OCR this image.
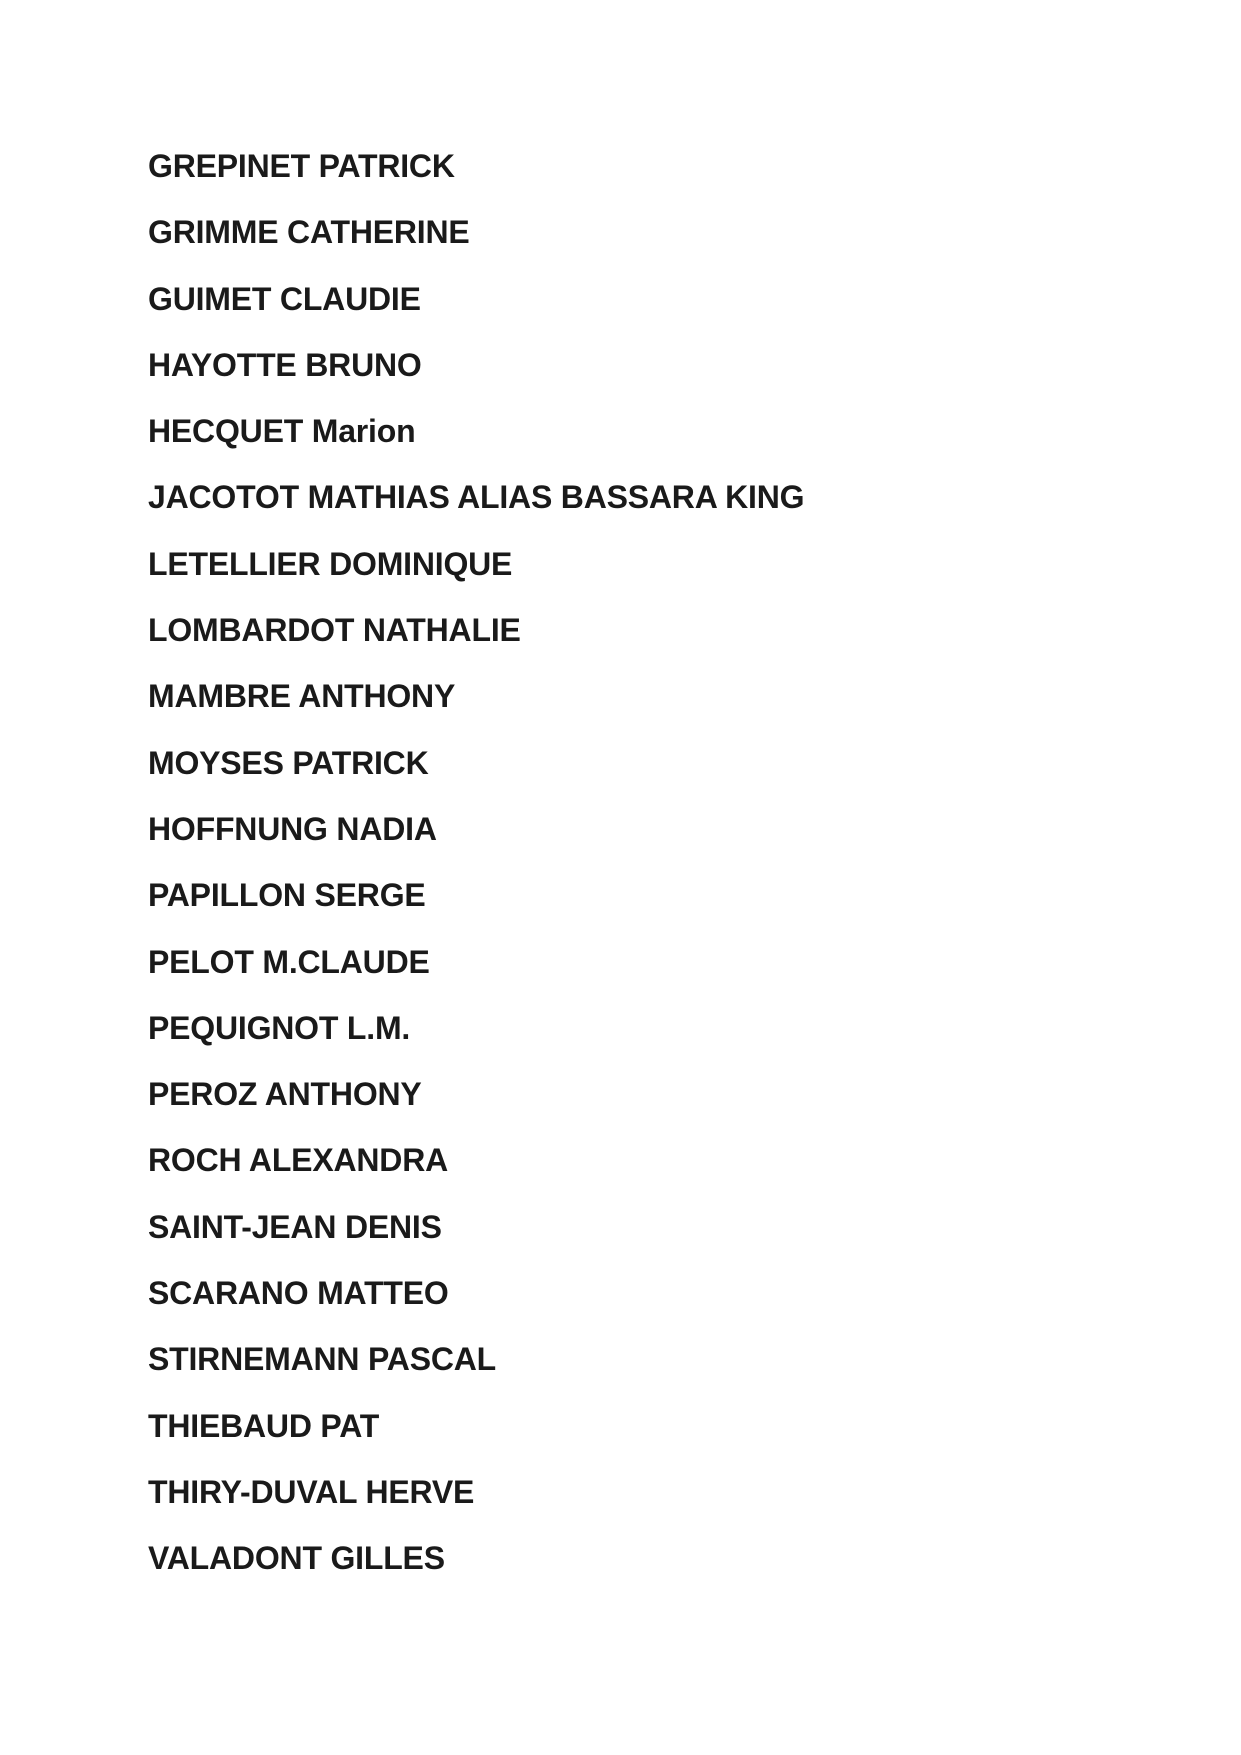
GREPINET PATRICK
GRIMME CATHERINE
GUIMET CLAUDIE
HAYOTTE BRUNO
HECQUET Marion
JACOTOT MATHIAS ALIAS BASSARA KING
LETELLIER DOMINIQUE
LOMBARDOT NATHALIE
MAMBRE ANTHONY
MOYSES PATRICK
HOFFNUNG NADIA
PAPILLON SERGE
PELOT M.CLAUDE
PEQUIGNOT L.M.
PEROZ ANTHONY
ROCH ALEXANDRA
SAINT-JEAN DENIS
SCARANO MATTEO
STIRNEMANN PASCAL
THIEBAUD PAT
THIRY-DUVAL HERVE
VALADONT GILLES
